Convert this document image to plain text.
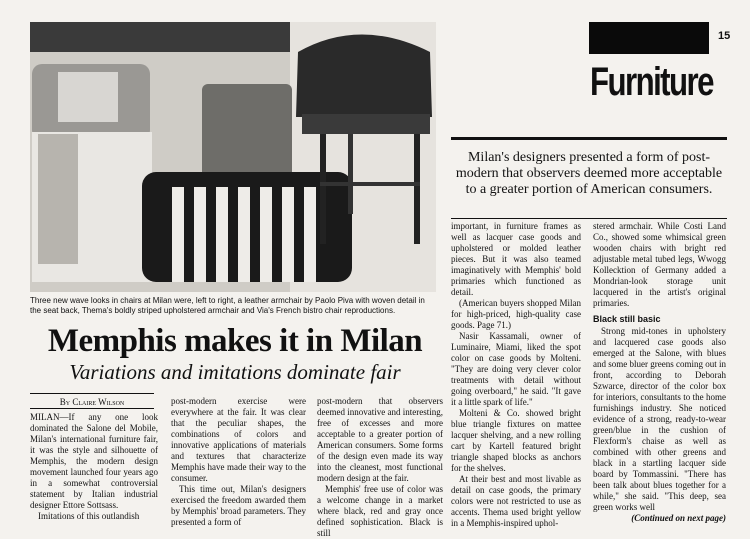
15
Furniture
Milan's designers presented a form of post-modern that observers deemed more acceptable to a greater portion of American consumers.
Three new wave looks in chairs at Milan were, left to right, a leather armchair by Paolo Piva with woven detail in the seat back, Thema's boldly striped upholstered armchair and Via's French bistro chair reproductions.
Memphis makes it in Milan
Variations and imitations dominate fair
By Claire Wilson

MILAN—If any one look dominated the Salone del Mobile, Milan's international furniture fair, it was the style and silhouette of Memphis, the modern design movement launched four years ago in a somewhat controversial statement by Italian industrial designer Ettore Sottsass.

Imitations of this outlandish

post-modern exercise were everywhere at the fair. It was clear that the peculiar shapes, the combinations of colors and innovative applications of materials and textures that characterize Memphis have made their way to the consumer.

This time out, Milan's designers exercised the freedom awarded them by Memphis' broad parameters. They presented a form of

post-modern that observers deemed innovative and interesting, free of excesses and more acceptable to a greater portion of American consumers. Some forms of the design even made its way into the cleanest, most functional modern design at the fair.

Memphis' free use of color was a welcome change in a market where black, red and gray once defined sophistication. Black is still

important, in furniture frames as well as lacquer case goods and upholstered or molded leather pieces. But it was also teamed imaginatively with Memphis' bold primaries which functioned as detail.

(American buyers shopped Milan for high-priced, high-quality case goods. Page 71.)

Nasir Kassamali, owner of Luminaire, Miami, liked the spot color on case goods by Molteni. "They are doing very clever color treatments with detail without going overboard," he said. "It gave it a little spark of life."

Molteni & Co. showed bright blue triangle fixtures on mattee lacquer shelving, and a new rolling cart by Kartell featured bright triangle shaped blocks as anchors for the shelves.

At their best and most livable as detail on case goods, the primary colors were not restricted to use as accents. Thema used bright yellow in a Memphis-inspired uphol-

stered armchair. While Costi Land Co., showed some whimsical green wooden chairs with bright red adjustable metal tubed legs, Wwogg Kollecktion of Germany added a Mondrian-look storage unit lacquered in the artist's original primaries.

Black still basic

Strong mid-tones in upholstery and lacquered case goods also emerged at the Salone, with blues and some bluer greens coming out in front, according to Deborah Szwarce, director of the color box for interiors, consultants to the home furnishings industry. She noticed evidence of a strong, ready-to-wear green/blue in the cushion of Flexform's chaise as well as combined with other greens and black in a startling lacquer side board by Tommassini. "There has been talk about blues together for a while," she said. "This deep, sea green works well

(Continued on next page)
